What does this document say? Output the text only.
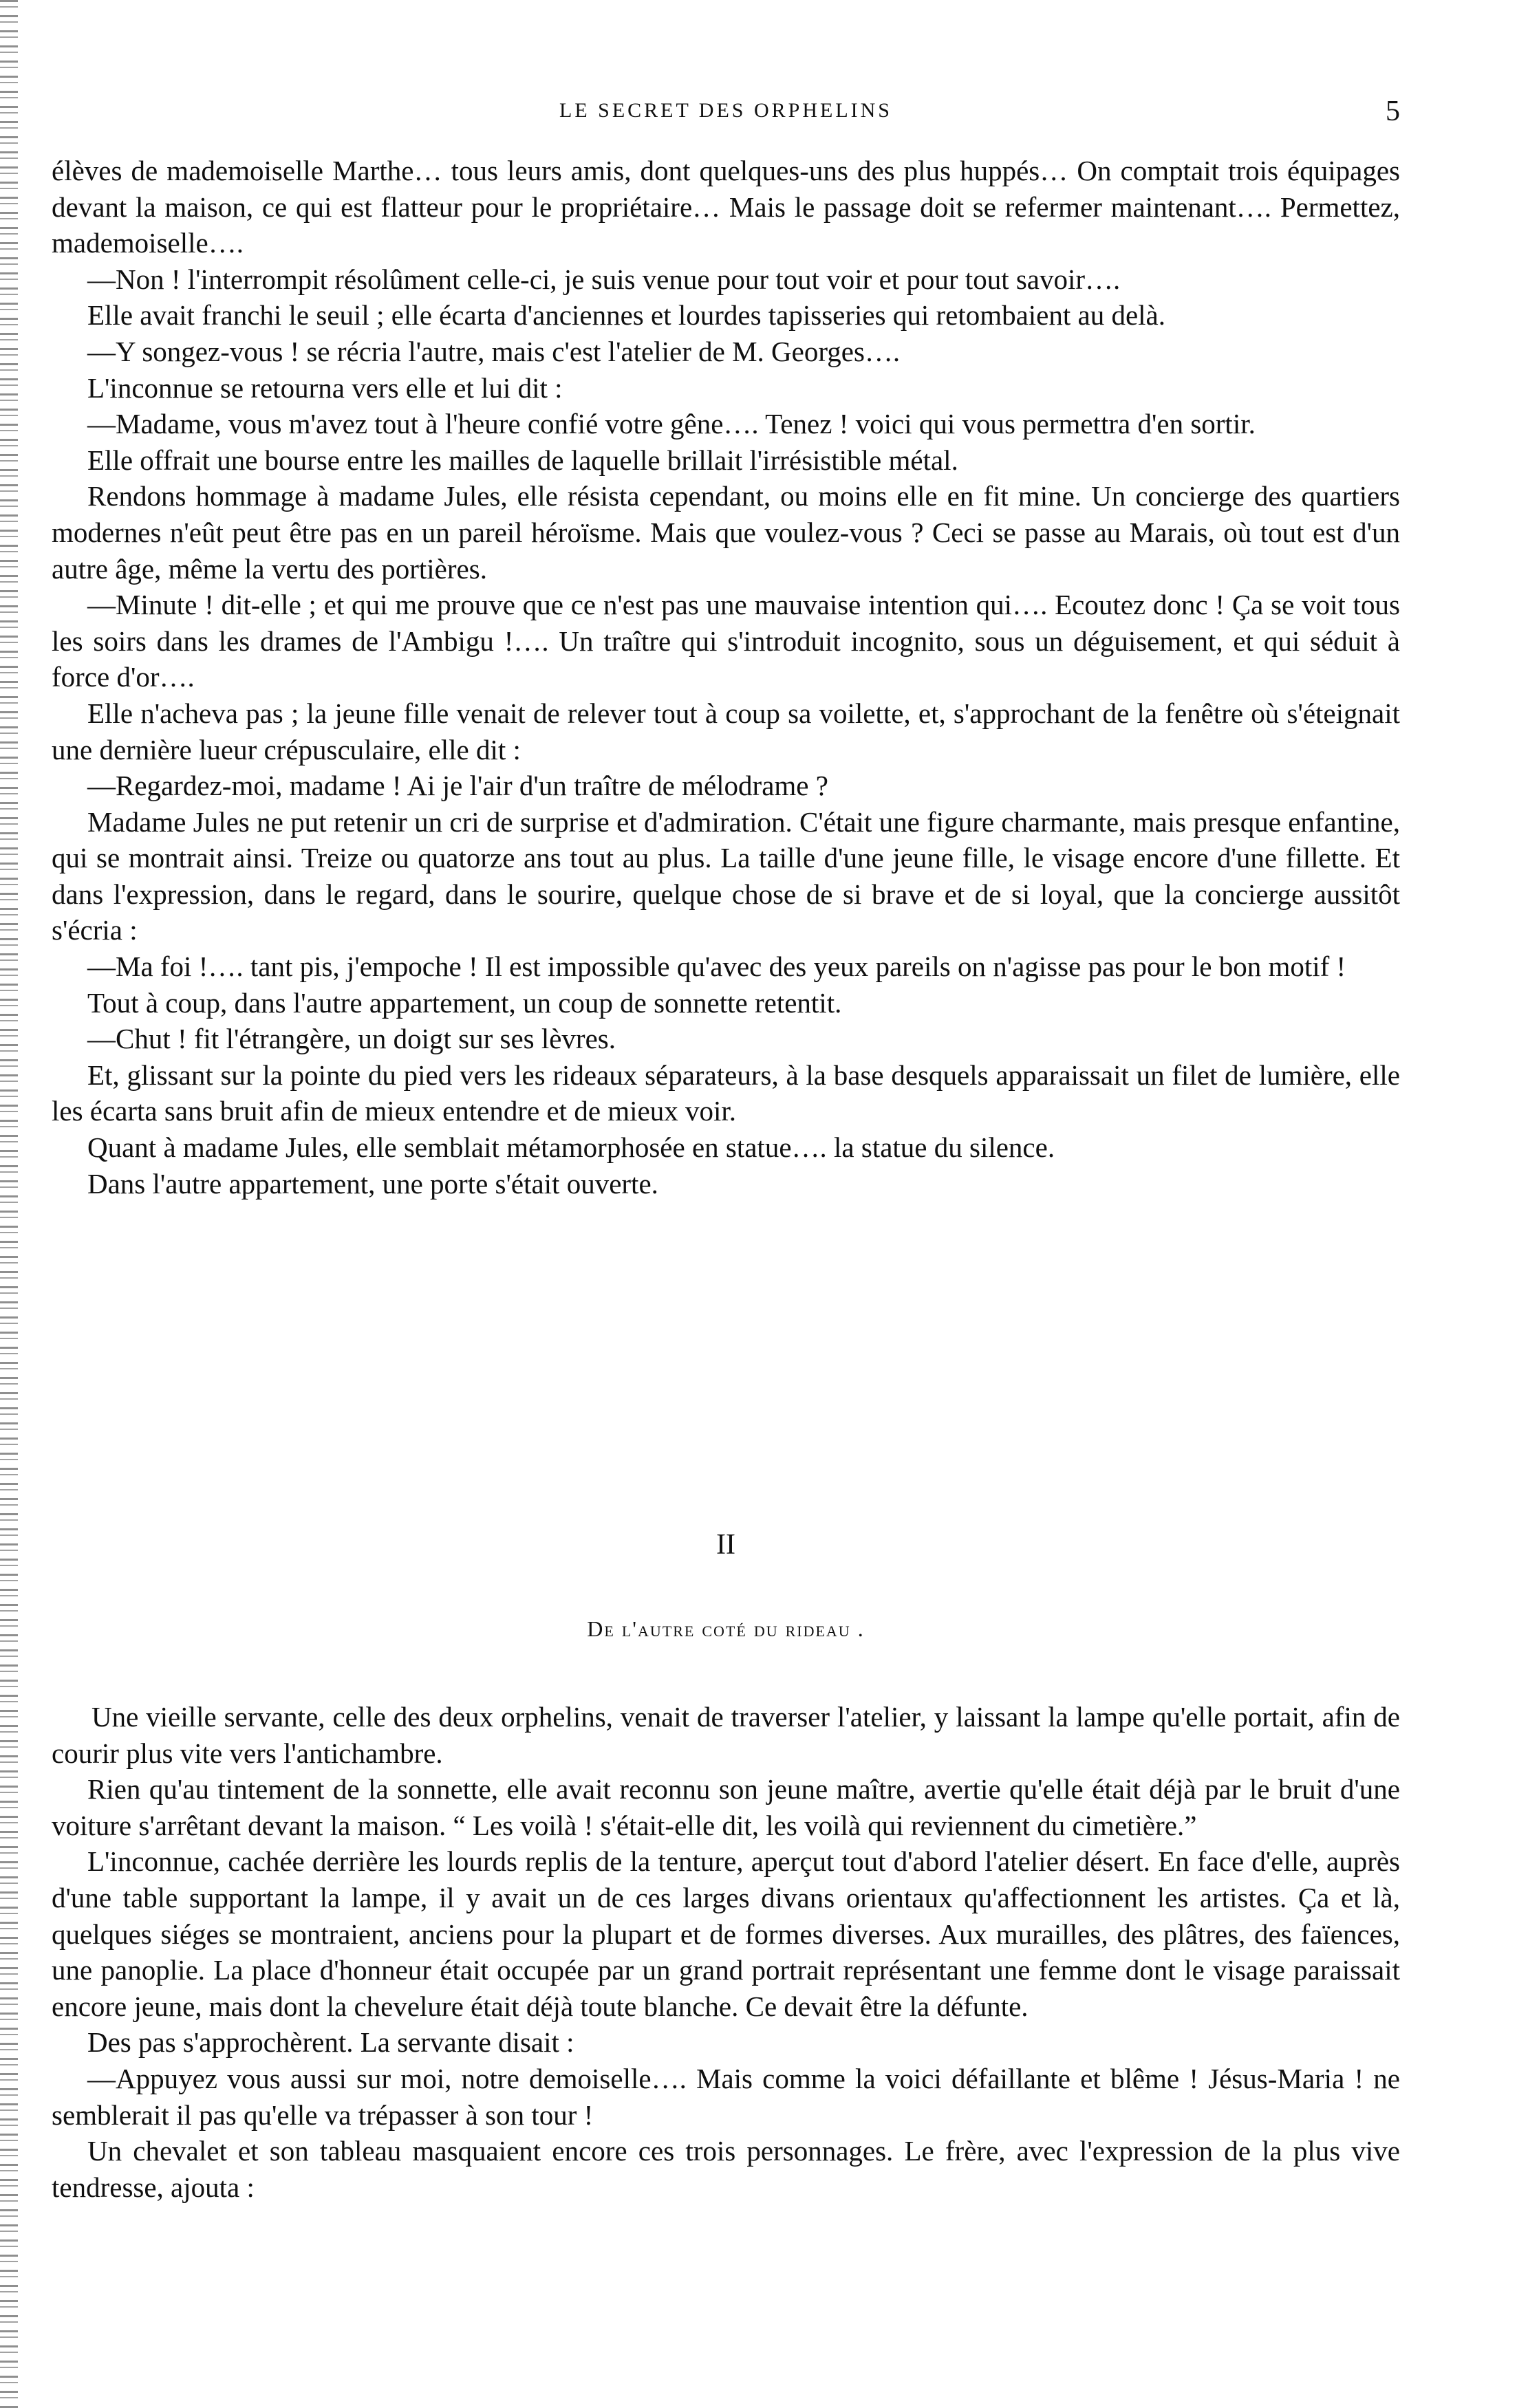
LE SECRET DES ORPHELINS	5

élèves de mademoiselle Marthe… tous leurs amis, dont quelques-uns des plus huppés… On comptait trois équipages devant la maison, ce qui est flatteur pour le propriétaire… Mais le passage doit se refermer maintenant…. Permettez, mademoiselle….

—Non ! l'interrompit résolûment celle-ci, je suis venue pour tout voir et pour tout savoir….

Elle avait franchi le seuil ; elle écarta d'anciennes et lourdes tapisseries qui retombaient au delà.

—Y songez-vous ! se récria l'autre, mais c'est l'atelier de M. Georges….

L'inconnue se retourna vers elle et lui dit :

—Madame, vous m'avez tout à l'heure confié votre gêne…. Tenez ! voici qui vous permettra d'en sortir.

Elle offrait une bourse entre les mailles de laquelle brillait l'irrésistible métal.

Rendons hommage à madame Jules, elle résista cependant, ou moins elle en fit mine. Un concierge des quartiers modernes n'eût peut être pas en un pareil héroïsme. Mais que voulez-vous ? Ceci se passe au Marais, où tout est d'un autre âge, même la vertu des portières.

—Minute ! dit-elle ; et qui me prouve que ce n'est pas une mauvaise intention qui…. Ecoutez donc ! Ça se voit tous les soirs dans les drames de l'Ambigu !…. Un traître qui s'introduit incognito, sous un déguisement, et qui séduit à force d'or….

Elle n'acheva pas ; la jeune fille venait de relever tout à coup sa voilette, et, s'approchant de la fenêtre où s'éteignait une dernière lueur crépusculaire, elle dit :

—Regardez-moi, madame ! Ai je l'air d'un traître de mélodrame ?

Madame Jules ne put retenir un cri de surprise et d'admiration. C'était une figure charmante, mais presque enfantine, qui se montrait ainsi. Treize ou quatorze ans tout au plus. La taille d'une jeune fille, le visage encore d'une fillette. Et dans l'expression, dans le regard, dans le sourire, quelque chose de si brave et de si loyal, que la concierge aussitôt s'écria :

—Ma foi !…. tant pis, j'empoche ! Il est impossible qu'avec des yeux pareils on n'agisse pas pour le bon motif !

Tout à coup, dans l'autre appartement, un coup de sonnette retentit.

—Chut ! fit l'étrangère, un doigt sur ses lèvres.

Et, glissant sur la pointe du pied vers les rideaux séparateurs, à la base desquels apparaissait un filet de lumière, elle les écarta sans bruit afin de mieux entendre et de mieux voir.

Quant à madame Jules, elle semblait métamorphosée en statue…. la statue du silence.

Dans l'autre appartement, une porte s'était ouverte.

II
De l'autre coté du rideau .

Une vieille servante, celle des deux orphelins, venait de traverser l'atelier, y laissant la lampe qu'elle portait, afin de courir plus vite vers l'antichambre.

Rien qu'au tintement de la sonnette, elle avait reconnu son jeune maître, avertie qu'elle était déjà par le bruit d'une voiture s'arrêtant devant la maison. “ Les voilà ! s'était-elle dit, les voilà qui reviennent du cimetière.”

L'inconnue, cachée derrière les lourds replis de la tenture, aperçut tout d'abord l'atelier désert. En face d'elle, auprès d'une table supportant la lampe, il y avait un de ces larges divans orientaux qu'affectionnent les artistes. Ça et là, quelques siéges se montraient, anciens pour la plupart et de formes diverses. Aux murailles, des plâtres, des faïences, une panoplie. La place d'honneur était occupée par un grand portrait représentant une femme dont le visage paraissait encore jeune, mais dont la chevelure était déjà toute blanche. Ce devait être la défunte.

Des pas s'approchèrent. La servante disait :

—Appuyez vous aussi sur moi, notre demoiselle…. Mais comme la voici défaillante et blême ! Jésus-Maria ! ne semblerait il pas qu'elle va trépasser à son tour !

Un chevalet et son tableau masquaient encore ces trois personnages. Le frère, avec l'expression de la plus vive tendresse, ajouta :
